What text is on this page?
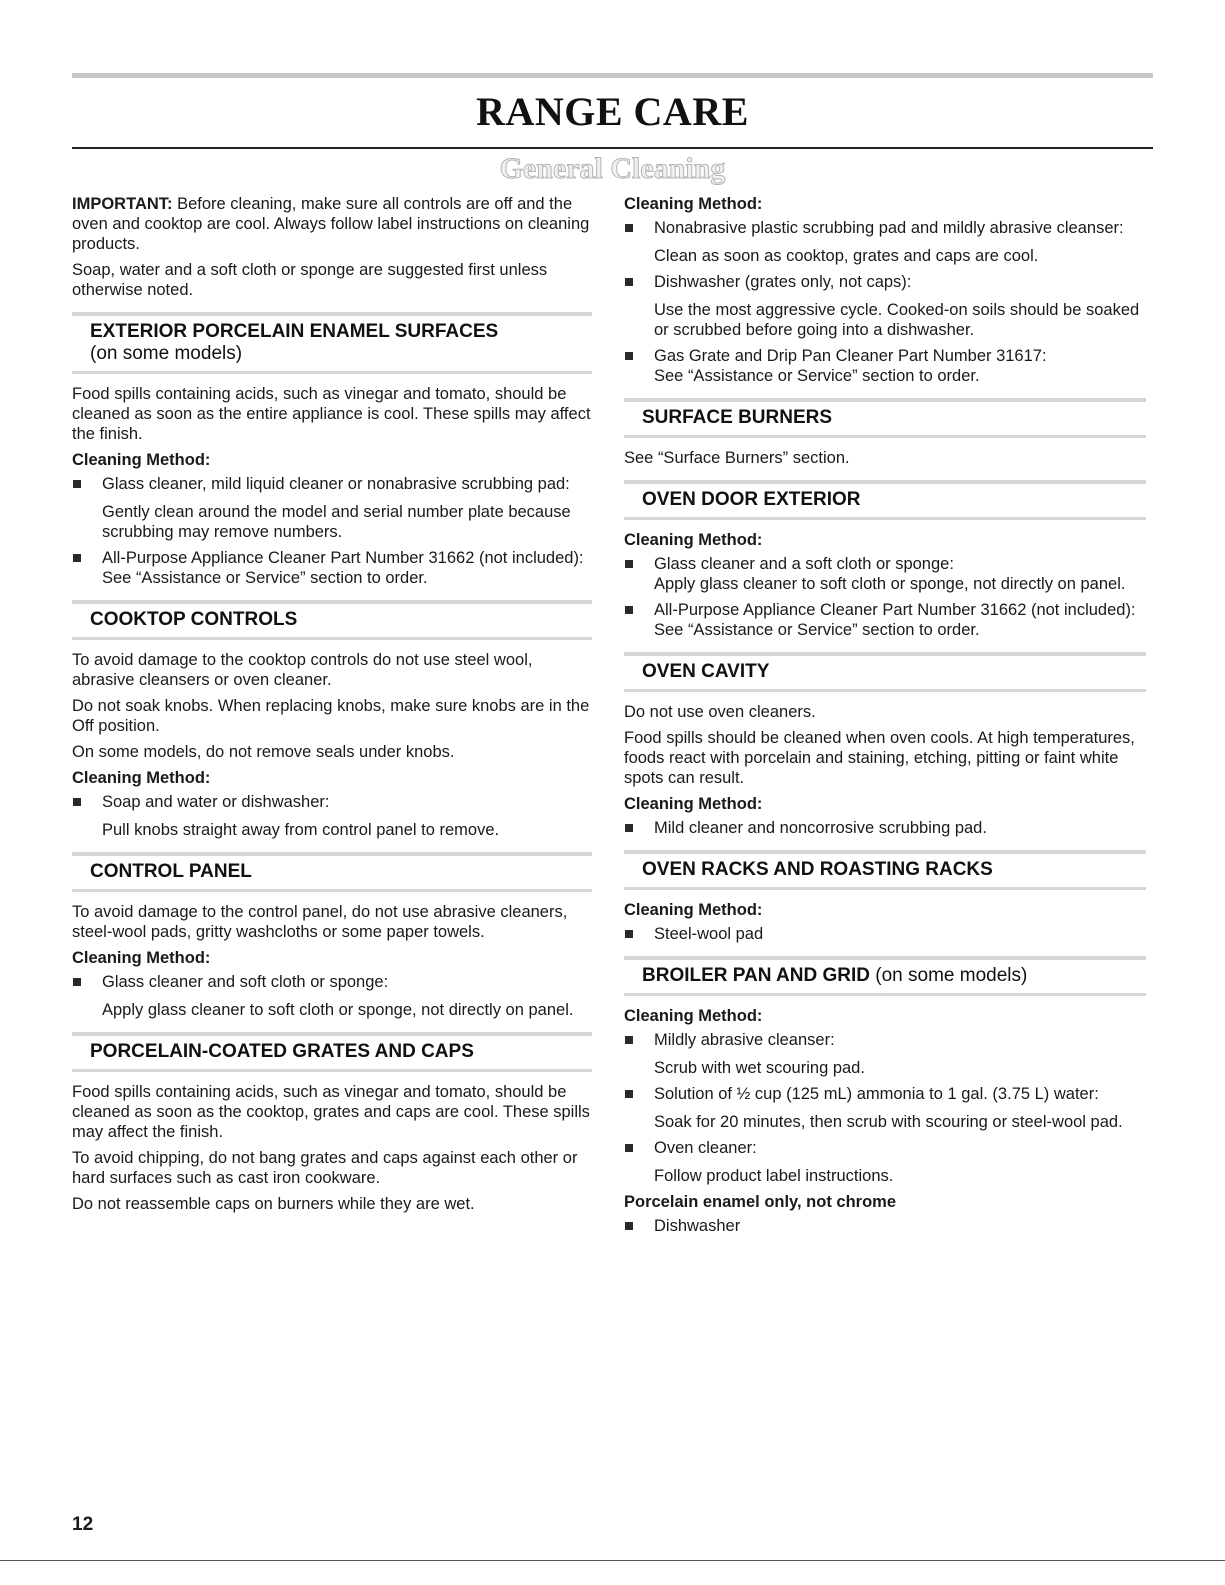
RANGE CARE
General Cleaning

IMPORTANT: Before cleaning, make sure all controls are off and the oven and cooktop are cool. Always follow label instructions on cleaning products.

Soap, water and a soft cloth or sponge are suggested first unless otherwise noted.

EXTERIOR PORCELAIN ENAMEL SURFACES
(on some models)

Food spills containing acids, such as vinegar and tomato, should be cleaned as soon as the entire appliance is cool. These spills may affect the finish.

Cleaning Method:

Glass cleaner, mild liquid cleaner or nonabrasive scrubbing pad:
Gently clean around the model and serial number plate because scrubbing may remove numbers.
All-Purpose Appliance Cleaner Part Number 31662 (not included):
See “Assistance or Service” section to order.
COOKTOP CONTROLS

To avoid damage to the cooktop controls do not use steel wool, abrasive cleansers or oven cleaner.

Do not soak knobs. When replacing knobs, make sure knobs are in the Off position.

On some models, do not remove seals under knobs.

Cleaning Method:

Soap and water or dishwasher:
Pull knobs straight away from control panel to remove.
CONTROL PANEL

To avoid damage to the control panel, do not use abrasive cleaners, steel-wool pads, gritty washcloths or some paper towels.

Cleaning Method:

Glass cleaner and soft cloth or sponge:
Apply glass cleaner to soft cloth or sponge, not directly on panel.
PORCELAIN-COATED GRATES AND CAPS

Food spills containing acids, such as vinegar and tomato, should be cleaned as soon as the cooktop, grates and caps are cool. These spills may affect the finish.

To avoid chipping, do not bang grates and caps against each other or hard surfaces such as cast iron cookware.

Do not reassemble caps on burners while they are wet.

Cleaning Method:

Nonabrasive plastic scrubbing pad and mildly abrasive cleanser:
Clean as soon as cooktop, grates and caps are cool.
Dishwasher (grates only, not caps):
Use the most aggressive cycle. Cooked-on soils should be soaked or scrubbed before going into a dishwasher.
Gas Grate and Drip Pan Cleaner Part Number 31617:
See “Assistance or Service” section to order.
SURFACE BURNERS

See “Surface Burners” section.

OVEN DOOR EXTERIOR

Cleaning Method:

Glass cleaner and a soft cloth or sponge:
Apply glass cleaner to soft cloth or sponge, not directly on panel.
All-Purpose Appliance Cleaner Part Number 31662 (not included):
See “Assistance or Service” section to order.
OVEN CAVITY

Do not use oven cleaners.

Food spills should be cleaned when oven cools. At high temperatures, foods react with porcelain and staining, etching, pitting or faint white spots can result.

Cleaning Method:

Mild cleaner and noncorrosive scrubbing pad.
OVEN RACKS AND ROASTING RACKS

Cleaning Method:

Steel-wool pad
BROILER PAN AND GRID (on some models)

Cleaning Method:

Mildly abrasive cleanser:
Scrub with wet scouring pad.
Solution of ½ cup (125 mL) ammonia to 1 gal. (3.75 L) water:
Soak for 20 minutes, then scrub with scouring or steel-wool pad.
Oven cleaner:
Follow product label instructions.

Porcelain enamel only, not chrome

Dishwasher
12
